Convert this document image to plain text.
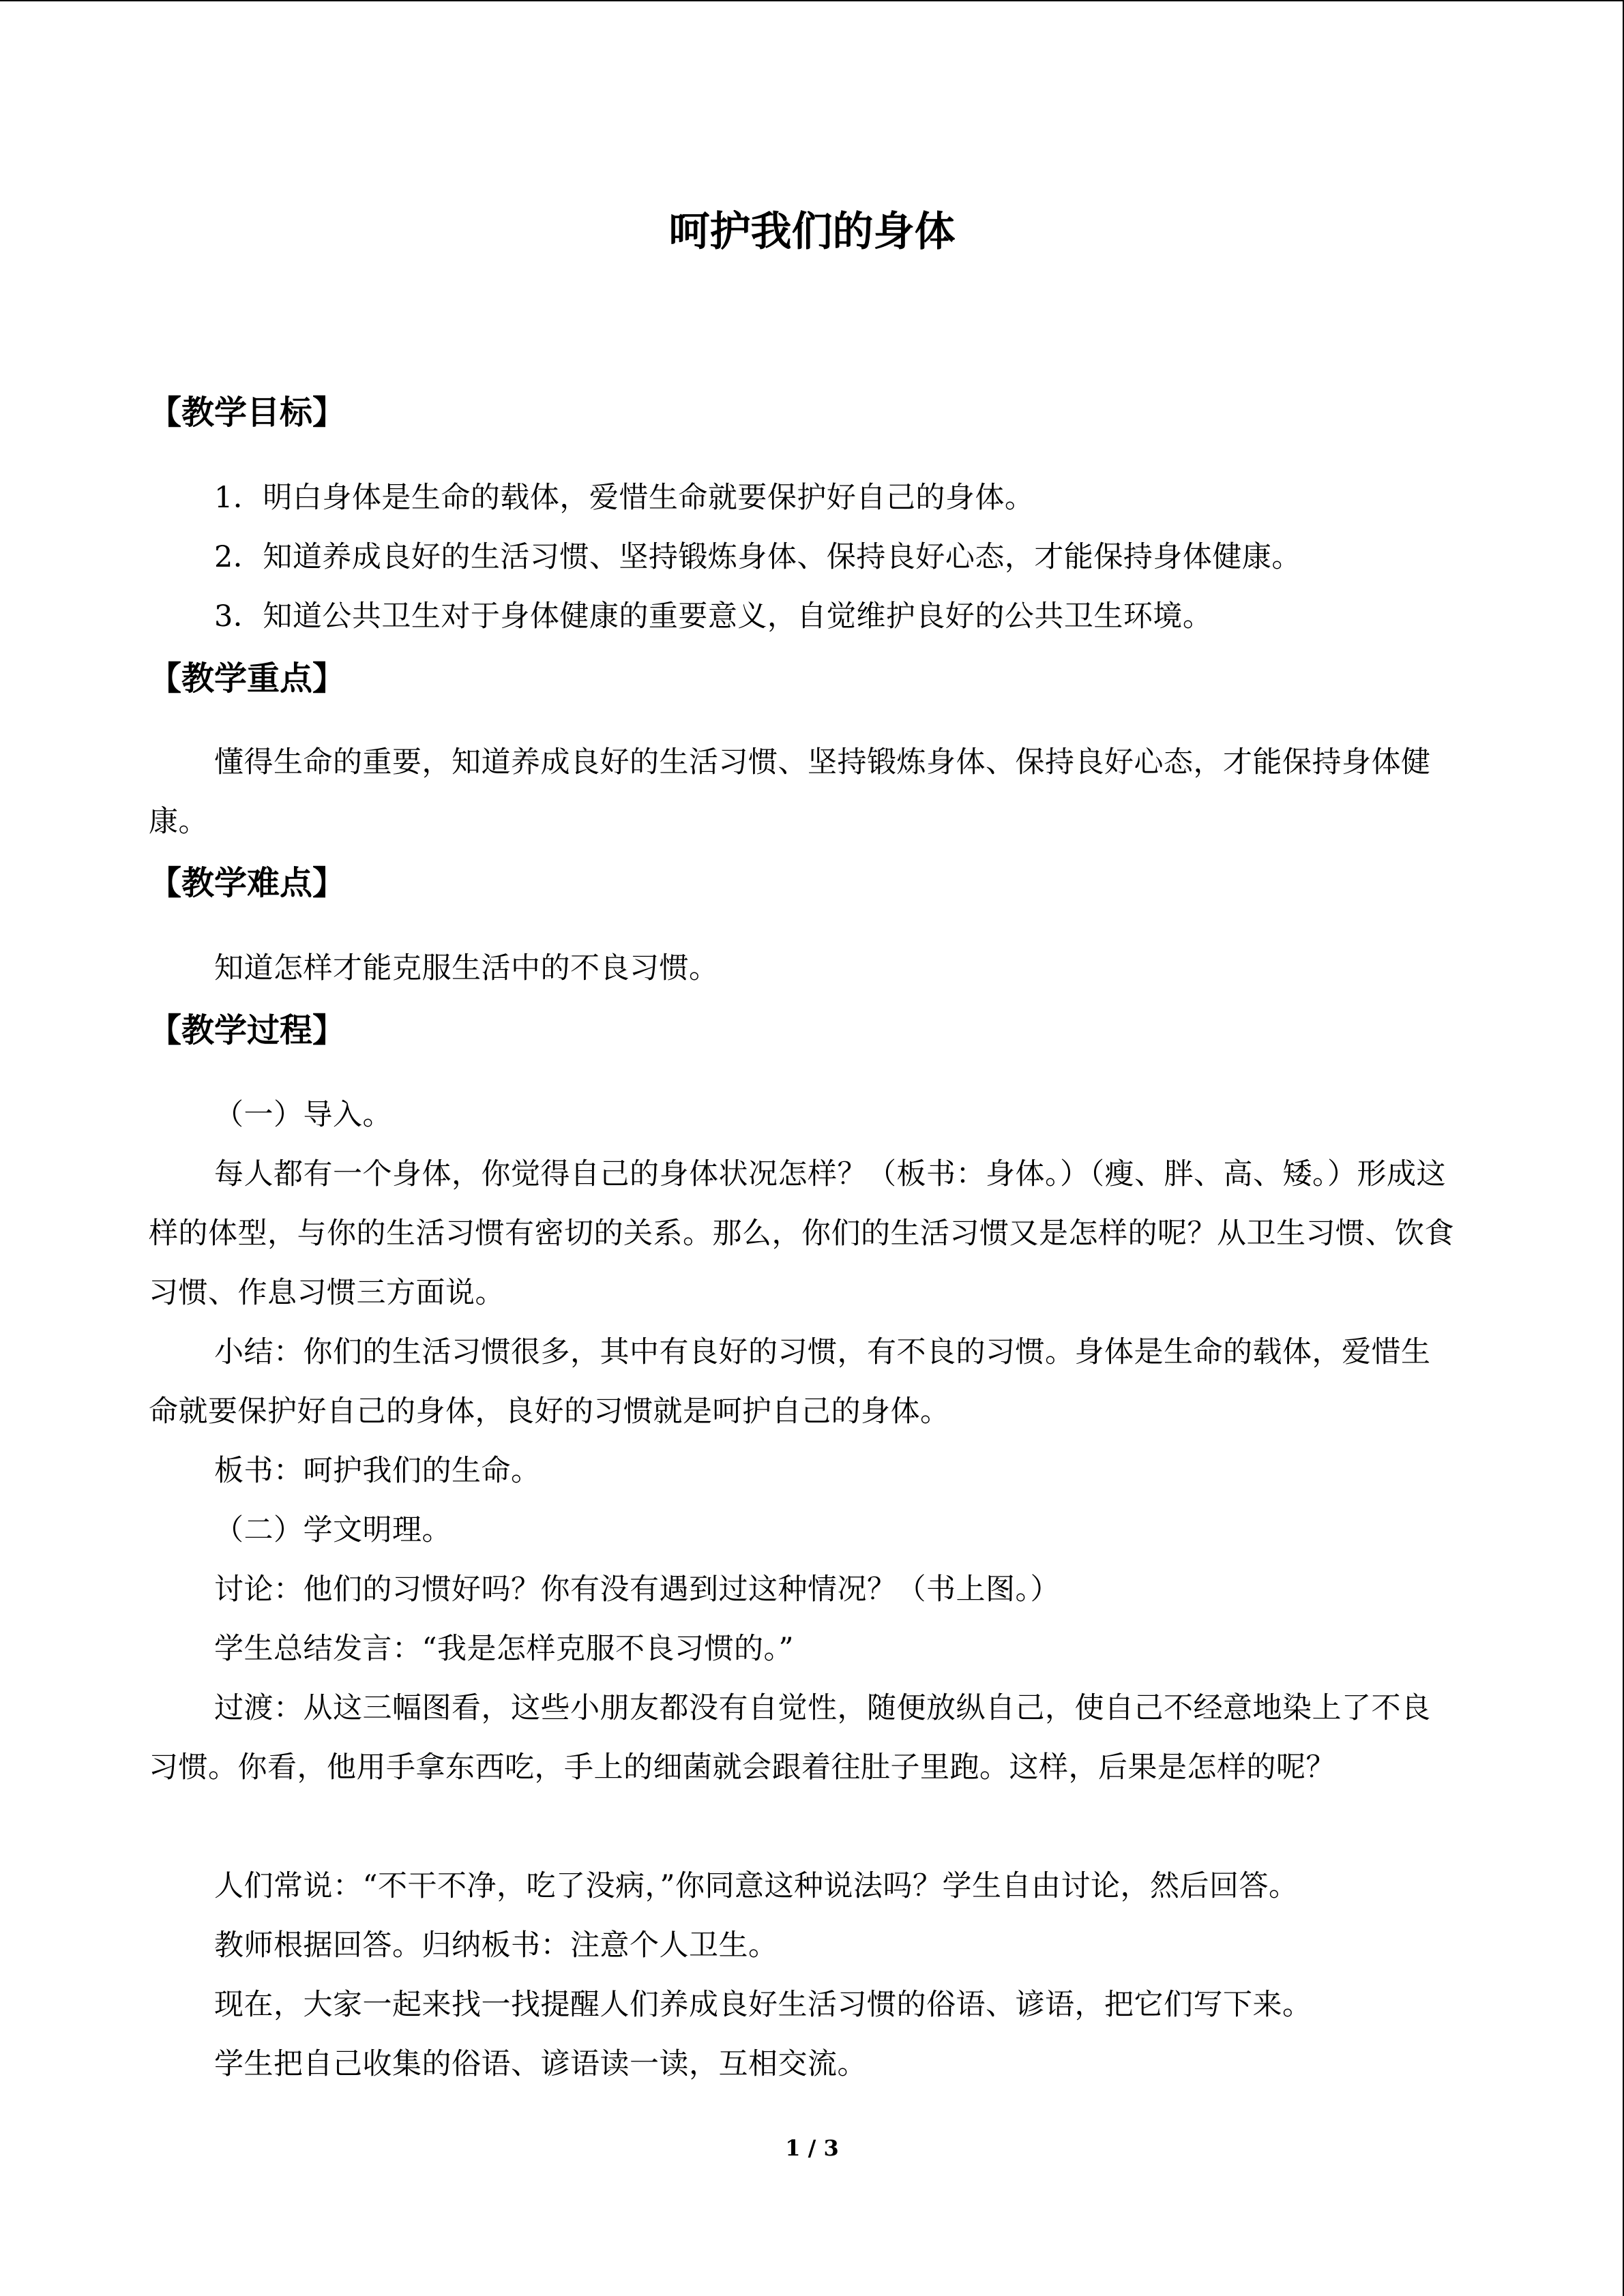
呵护我们的身体
【教学目标】
1．明白身体是生命的载体，爱惜生命就要保护好自己的身体。
2．知道养成良好的生活习惯、坚持锻炼身体、保持良好心态，才能保持身体健康。
3．知道公共卫生对于身体健康的重要意义，自觉维护良好的公共卫生环境。
【教学重点】
懂得生命的重要，知道养成良好的生活习惯、坚持锻炼身体、保持良好心态，才能保持身体健康。
【教学难点】
知道怎样才能克服生活中的不良习惯。
【教学过程】
（一）导入。
每人都有一个身体，你觉得自己的身体状况怎样？（板书：身体。）（瘦、胖、高、矮。）形成这样的体型，与你的生活习惯有密切的关系。那么，你们的生活习惯又是怎样的呢？从卫生习惯、饮食习惯、作息习惯三方面说。
小结：你们的生活习惯很多，其中有良好的习惯，有不良的习惯。身体是生命的载体，爱惜生命就要保护好自己的身体，良好的习惯就是呵护自己的身体。
板书：呵护我们的生命。
（二）学文明理。
讨论：他们的习惯好吗？你有没有遇到过这种情况？（书上图。）
学生总结发言：“我是怎样克服不良习惯的。”
过渡：从这三幅图看，这些小朋友都没有自觉性，随便放纵自己，使自己不经意地染上了不良习惯。你看，他用手拿东西吃，手上的细菌就会跟着往肚子里跑。这样，后果是怎样的呢？
人们常说：“不干不净，吃了没病，”你同意这种说法吗？学生自由讨论，然后回答。
教师根据回答。归纳板书：注意个人卫生。
现在，大家一起来找一找提醒人们养成良好生活习惯的俗语、谚语，把它们写下来。
学生把自己收集的俗语、谚语读一读，互相交流。
1 / 3
